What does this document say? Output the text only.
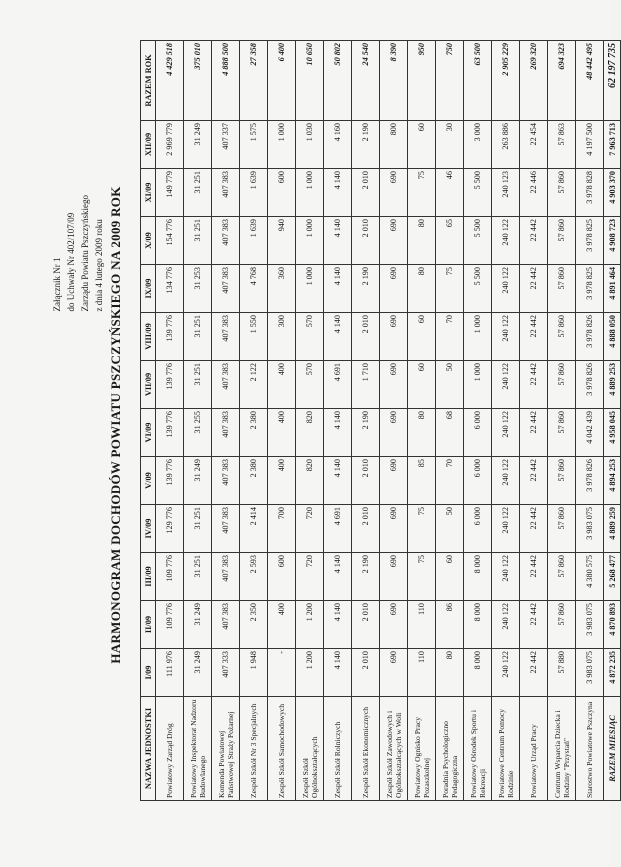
Załącznik Nr 1 do Uchwały Nr 402/107/09 Zarządu Powiatu Pszczyńskiego z dnia 4 lutego 2009 roku HARMONOGRAM DOCHODÓW POWIATU PSZCZYŃSKIEGO NA 2009 ROK
NAZWA JEDNOSTKI	I/09	II/09	III/09	IV/09	V/09	VI/09	VII/09	VIII/09	IX/09	X/09	XI/09	XII/09	RAZEM ROK
Powiatowy Zarząd Dróg	111 976	109 776	109 776	129 776	139 776	139 776	139 776	139 776	134 776	154 776	149 779	2 969 779	4 429 518
Powiatowy Inspektorat Nadzoru Budowlanego	31 249	31 249	31 251	31 251	31 249	31 255	31 251	31 251	31 253	31 251	31 251	31 249	375 010
Komenda Powiatowej Państwowej Straży Pożarnej	407 333	407 383	407 383	407 383	407 383	407 383	407 383	407 383	407 383	407 383	407 383	407 337	4 888 500
Zespół Szkół Nr 3 Specjalnych	1 948	2 350	2 593	2 414	2 380	2 380	2 122	1 550	4 768	1 639	1 639	1 575	27 358
Zespół Szkół Samochodowych	-	400	600	700	400	400	400	300	360	940	600	1 000	6 400
Zespół Szkół Ogólnokształcących	1 200	1 200	720	720	820	820	570	570	1 000	1 000	1 000	1 030	10 650
Zespół Szkół Rolniczych	4 140	4 140	4 140	4 691	4 140	4 140	4 691	4 140	4 140	4 140	4 140	4 160	50 802
Zespół Szkół Ekonomicznych	2 010	2 010	2 190	2 010	2 010	2 190	1 710	2 010	2 190	2 010	2 010	2 190	24 540
Zespół Szkół Zawodowych i Ogólnokształcących w Woli	690	690	690	690	690	690	690	690	690	690	690	800	8 390
Powiatowy Ognisko Pracy Pozaszkolnej	110	110	75	75	85	80	60	60	80	80	75	60	950
Poradnia Psychologiczno Pedagogiczna	80	86	60	50	70	68	50	70	75	65	46	30	750
Powiatowy Ośrodek Sportu i Rekreacji	8 000	8 000	8 000	6 000	6 000	6 000	1 000	1 000	5 500	5 500	5 500	3 000	63 500
Powiatowe Centrum Pomocy Rodzinie	240 122	240 122	240 122	240 122	240 122	240 122	240 122	240 122	240 122	240 122	240 123	263 886	2 905 229
Powiatowy Urząd Pracy	22 442	22 442	22 442	22 442	22 442	22 442	22 442	22 442	22 442	22 442	22 446	22 454	269 320
Centrum Wsparcia Dziecka i Rodziny "Przystań"	57 880	57 860	57 860	57 860	57 860	57 860	57 860	57 860	57 860	57 860	57 860	57 863	694 323
Starostwo Powiatowe Pszczyna	3 983 075	3 983 075	4 380 575	3 983 075	3 978 826	4 042 439	3 978 826	3 978 826	3 978 825	3 978 825	3 978 828	4 197 500	48 442 495
RAZEM MIESIĄC	4 872 235	4 870 893	5 268 477	4 889 259	4 894 253	4 958 045	4 889 253	4 888 050	4 891 464	4 908 723	4 903 370	7 963 713	62 197 735
